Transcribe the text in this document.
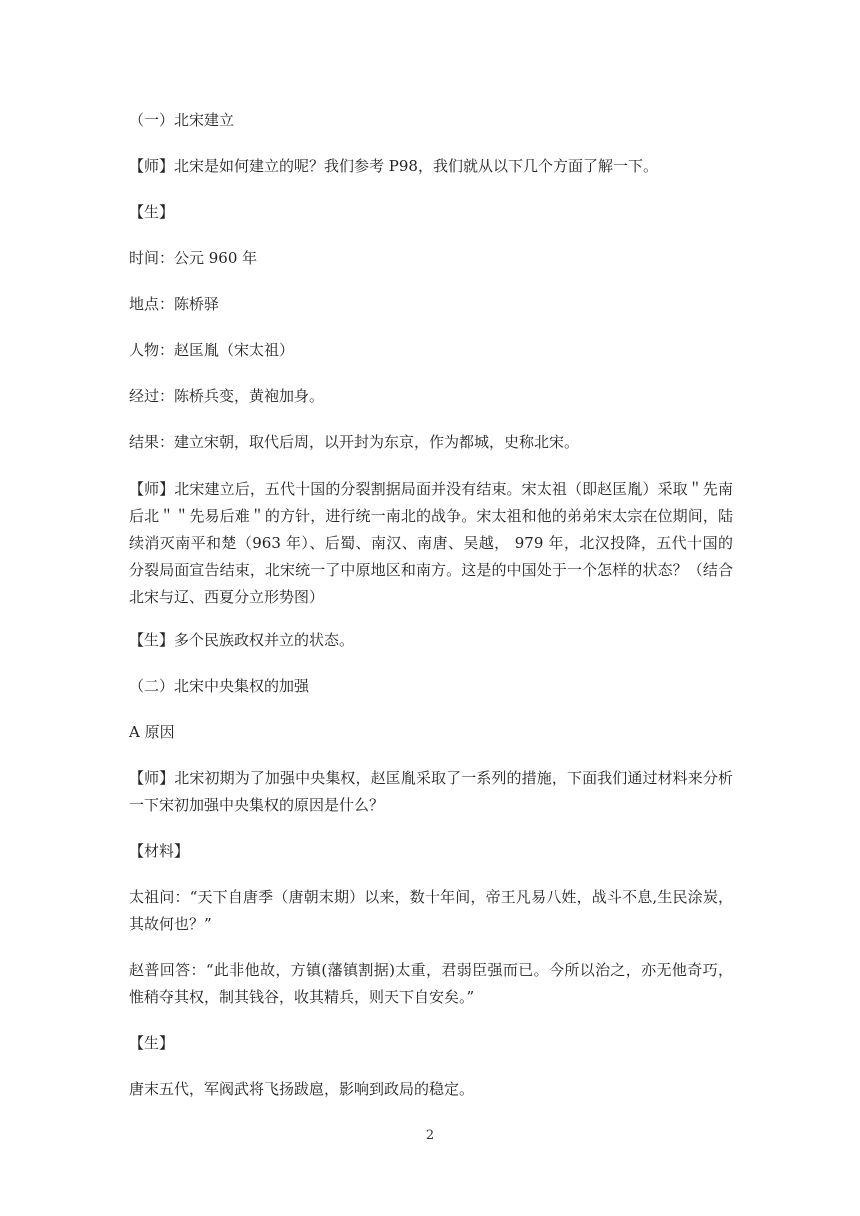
（一）北宋建立

【师】北宋是如何建立的呢？我们参考 P98，我们就从以下几个方面了解一下。

【生】

时间：公元 960 年

地点：陈桥驿

人物：赵匡胤（宋太祖）

经过：陈桥兵变，黄袍加身。

结果：建立宋朝，取代后周，以开封为东京，作为都城，史称北宋。

【师】北宋建立后，五代十国的分裂割据局面并没有结束。宋太祖（即赵匡胤）采取＂先南后北＂＂先易后难＂的方针，进行统一南北的战争。宋太祖和他的弟弟宋太宗在位期间，陆续消灭南平和楚（963 年）、后蜀、南汉、南唐、吴越， 979 年，北汉投降，五代十国的分裂局面宣告结束，北宋统一了中原地区和南方。这是的中国处于一个怎样的状态？（结合北宋与辽、西夏分立形势图）

【生】多个民族政权并立的状态。

（二）北宋中央集权的加强

A 原因

【师】北宋初期为了加强中央集权，赵匡胤采取了一系列的措施，下面我们通过材料来分析一下宋初加强中央集权的原因是什么？

【材料】

太祖问：“天下自唐季（唐朝末期）以来，数十年间，帝王凡易八姓，战斗不息,生民涂炭，其故何也？”

赵普回答：“此非他故，方镇(藩镇割据)太重，君弱臣强而已。今所以治之，亦无他奇巧，惟稍夺其权，制其钱谷，收其精兵，则天下自安矣。”

【生】

唐末五代，军阀武将飞扬跋扈，影响到政局的稳定。

2
